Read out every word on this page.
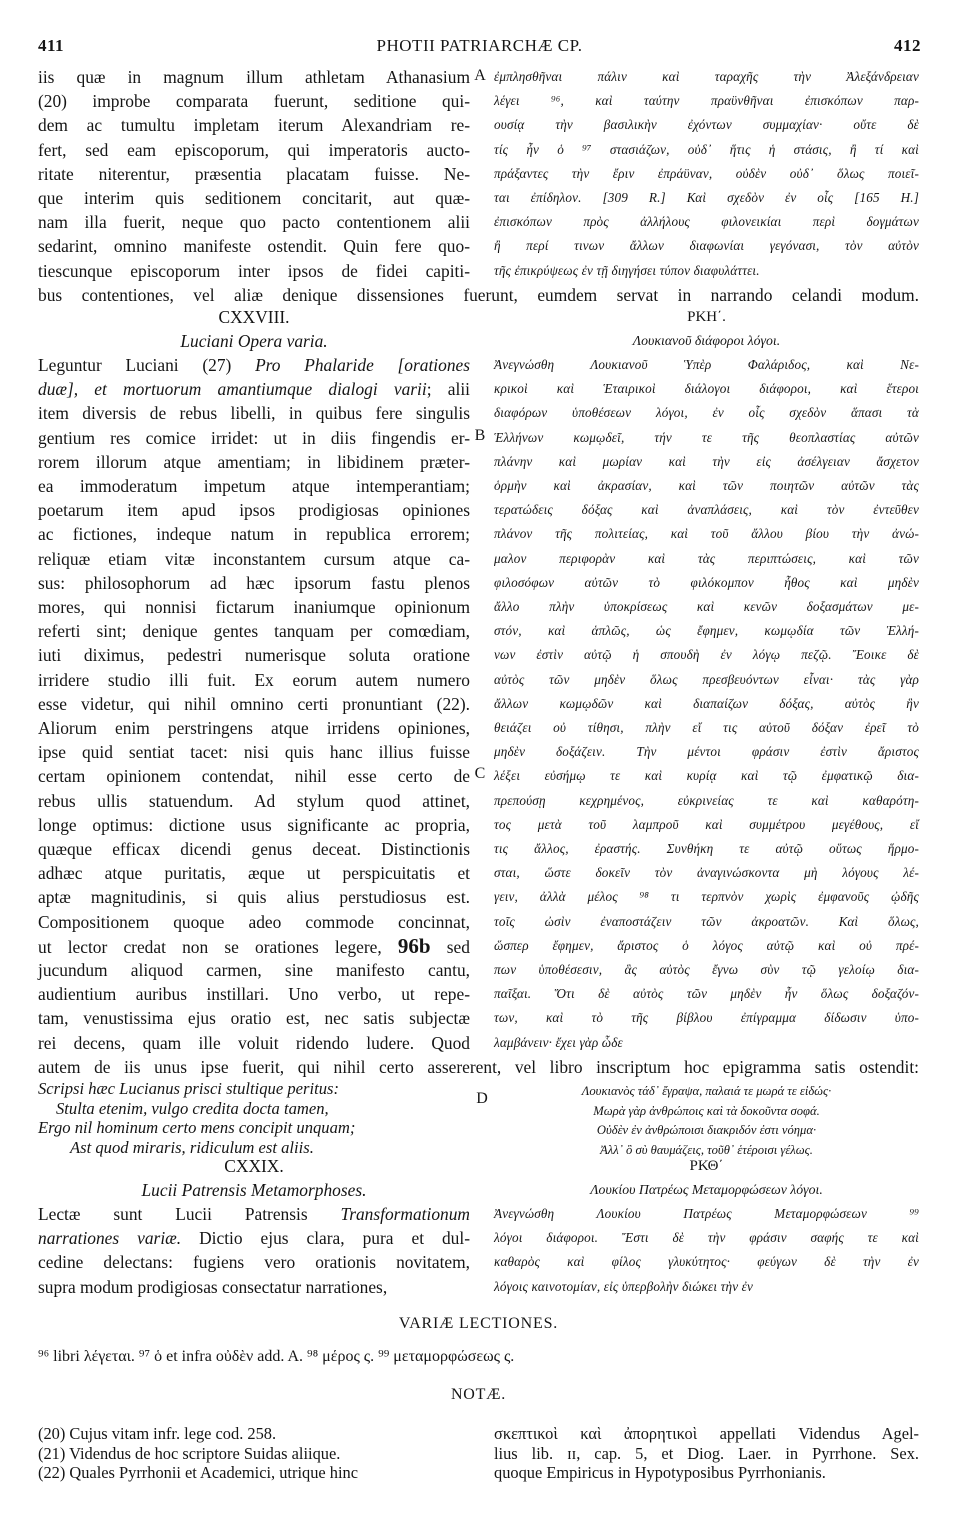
411	PHOTII PATRIARCHÆ CP.	412
iis quæ in magnum illum athletam Athanasium
(20) improbe comparata fuerunt, seditione qui-
dem ac tumultu impletam iterum Alexandriam re-
fert, sed eam episcoporum, qui imperatoris aucto-
ritate niterentur, præsentia placatam fuisse. Ne-
que interim quis seditionem concitarit, aut quæ-
nam illa fuerit, neque quo pacto contentionem alii
sedarint, omnino manifeste ostendit. Quin fere quo-
tiescunque episcoporum inter ipsos de fidei capiti-
ἐμπλησθῆναι πάλιν καὶ ταραχῆς τὴν Ἀλεξάνδρειαν
λέγει ⁹⁶, καὶ ταύτην πραϋνθῆναι ἐπισκόπων παρ-
ουσίᾳ τὴν βασιλικὴν ἐχόντων συμμαχίαν· οὔτε δὲ
τίς ἦν ὁ ⁹⁷ στασιάζων, οὐδ᾽ ἥτις ἡ στάσις, ἢ τί καὶ
πράξαντες τὴν ἔριν ἐπράϋναν, οὐδὲν οὐδ᾽ ὅλως ποιεῖ-
ται ἐπίδηλον. [309 R.] Καὶ σχεδὸν ἐν οἷς [165 H.]
ἐπισκόπων πρὸς ἀλλήλους φιλονεικίαι περὶ δογμάτων
ἢ περί τινων ἄλλων διαφωνίαι γεγόνασι, τὸν αὐτὸν
τῆς ἐπικρύψεως ἐν τῇ διηγήσει τύπον διαφυλάττει.
bus contentiones, vel aliæ denique dissensiones fuerunt, eumdem servat in narrando celandi modum.
A
CXXVIII.	ΡΚΗ΄.
Luciani Opera varia.	Λουκιανοῦ διάφοροι λόγοι.
Leguntur Luciani (27) Pro Phalaride [orationes
duæ], et mortuorum amantiumque dialogi varii; alii
item diversis de rebus libelli, in quibus fere singulis
gentium res comice irridet: ut in diis fingendis er-
rorem illorum atque amentiam; in libidinem præter-
ea immoderatum impetum atque intemperantiam;
poetarum item apud ipsos prodigiosas opiniones
ac fictiones, indeque natum in republica errorem;
reliquæ etiam vitæ inconstantem cursum atque ca-
sus: philosophorum ad hæc ipsorum fastu plenos
mores, qui nonnisi fictarum inaniumque opinionum
referti sint; denique gentes tanquam per comœdiam,
iuti diximus, pedestri numerisque soluta oratione
irridere studio illi fuit. Ex eorum autem numero
esse videtur, qui nihil omnino certi pronuntiant (22).
Aliorum enim perstringens atque irridens opiniones,
ipse quid sentiat tacet: nisi quis hanc illius fuisse
certam opinionem contendat, nihil esse certo de
rebus ullis statuendum. Ad stylum quod attinet,
longe optimus: dictione usus significante ac propria,
quæque efficax dicendi genus deceat. Distinctionis
adhæc atque puritatis, æque ut perspicuitatis et
aptæ magnitudinis, si quis alius perstudiosus est.
Compositionem quoque adeo commode concinnat,
ut lector credat non se orationes legere, 96b sed
jucundum aliquod carmen, sine manifesto cantu,
audientium auribus instillari. Uno verbo, ut repe-
tam, venustissima ejus oratio est, nec satis subjectæ
rei decens, quam ille voluit ridendo ludere. Quod
Ἀνεγνώσθη Λουκιανοῦ Ὑπὲρ Φαλάριδος, καὶ Νε-
κρικοὶ καὶ Ἑταιρικοὶ διάλογοι διάφοροι, καὶ ἕτεροι
διαφόρων ὑποθέσεων λόγοι, ἐν οἷς σχεδὸν ἅπασι τὰ
Ἑλλήνων κωμῳδεῖ, τήν τε τῆς θεοπλαστίας αὐτῶν
πλάνην καὶ μωρίαν καὶ τὴν εἰς ἀσέλγειαν ἄσχετον
ὁρμὴν καὶ ἀκρασίαν, καὶ τῶν ποιητῶν αὐτῶν τὰς
τερατώδεις δόξας καὶ ἀναπλάσεις, καὶ τὸν ἐντεῦθεν
πλάνον τῆς πολιτείας, καὶ τοῦ ἄλλου βίου τὴν ἀνώ-
μαλον περιφορὰν καὶ τὰς περιπτώσεις, καὶ τῶν
φιλοσόφων αὐτῶν τὸ φιλόκομπον ἦθος καὶ μηδὲν
ἄλλο πλὴν ὑποκρίσεως καὶ κενῶν δοξασμάτων με-
στόν, καὶ ἁπλῶς, ὡς ἔφημεν, κωμῳδία τῶν Ἑλλή-
νων ἐστὶν αὐτῷ ἡ σπουδὴ ἐν λόγῳ πεζῷ. Ἔοικε δὲ
αὐτὸς τῶν μηδὲν ὅλως πρεσβευόντων εἶναι· τὰς γὰρ
ἄλλων κωμῳδῶν καὶ διαπαίζων δόξας, αὐτὸς ἣν
θειάζει οὐ τίθησι, πλὴν εἴ τις αὐτοῦ δόξαν ἐρεῖ τὸ
μηδὲν δοξάζειν. Τὴν μέντοι φράσιν ἐστὶν ἄριστος
λέξει εὐσήμῳ τε καὶ κυρίᾳ καὶ τῷ ἐμφατικῷ δια-
πρεπούσῃ κεχρημένος, εὐκρινείας τε καὶ καθαρότη-
τος μετὰ τοῦ λαμπροῦ καὶ συμμέτρου μεγέθους, εἴ
τις ἄλλος, ἐραστής. Συνθήκη τε αὐτῷ οὕτως ἥρμο-
σται, ὥστε δοκεῖν τὸν ἀναγινώσκοντα μὴ λόγους λέ-
γειν, ἀλλὰ μέλος ⁹⁸ τι τερπνὸν χωρὶς ἐμφανοῦς ᾠδῆς
τοῖς ὠσὶν ἐναποστάζειν τῶν ἀκροατῶν. Καὶ ὅλως,
ὥσπερ ἔφημεν, ἄριστος ὁ λόγος αὐτῷ καὶ οὐ πρέ-
πων ὑποθέσεσιν, ἃς αὐτὸς ἔγνω σὺν τῷ γελοίῳ δια-
παῖξαι. Ὅτι δὲ αὐτὸς τῶν μηδὲν ἦν ὅλως δοξαζόν-
των, καὶ τὸ τῆς βίβλου ἐπίγραμμα δίδωσιν ὑπο-
λαμβάνειν· ἔχει γὰρ ὧδε
B
C
autem de iis unus ipse fuerit, qui nihil certo assererent, vel libro inscriptum hoc epigramma satis ostendit:
Scripsi hæc Lucianus prisci stultique peritus:
Stulta etenim, vulgo credita docta tamen,
Ergo nil hominum certo mens concipit unquam;
Ast quod miraris, ridiculum est aliis.
Λουκιανὸς τάδ᾽ ἔγραψα, παλαιά τε μωρά τε εἰδώς·
Μωρὰ γὰρ ἀνθρώποις καὶ τὰ δοκοῦντα σοφά.
Οὐδὲν ἐν ἀνθρώποισι διακριδόν ἐστι νόημα·
Ἀλλ᾽ ὃ σὺ θαυμάζεις, τοῦθ᾽ ἑτέροισι γέλως.
D
CXXIX.	ΡΚΘ΄
Lucii Patrensis Metamorphoses.	Λουκίου Πατρέως Μεταμορφώσεων λόγοι.
Lectæ sunt Lucii Patrensis Transformationum
narrationes variæ. Dictio ejus clara, pura et dul-
cedine delectans: fugiens vero orationis novitatem,
supra modum prodigiosas consectatur narrationes,
Ἀνεγνώσθη Λουκίου Πατρέως Μεταμορφώσεων ⁹⁹
λόγοι διάφοροι. Ἔστι δὲ τὴν φράσιν σαφής τε καὶ
καθαρὸς καὶ φίλος γλυκύτητος· φεύγων δὲ τὴν ἐν
λόγοις καινοτομίαν, εἰς ὑπερβολὴν διώκει τὴν ἐν
VARIÆ LECTIONES.
⁹⁶ libri λέγεται. ⁹⁷ ὁ et infra οὐδὲν add. A. ⁹⁸ μέρος ς. ⁹⁹ μεταμορφώσεως ς.
NOTÆ.
(20) Cujus vitam infr. lege cod. 258.
(21) Videndus de hoc scriptore Suidas aliique.
(22) Quales Pyrrhonii et Academici, utrique hinc
σκεπτικοὶ καὶ ἀπορητικοὶ appellati Videndus Agel-
lius lib. ɪɪ, cap. 5, et Diog. Laer. in Pyrrhone. Sex.
quoque Empiricus in Hypotyposibus Pyrrhonianis.
